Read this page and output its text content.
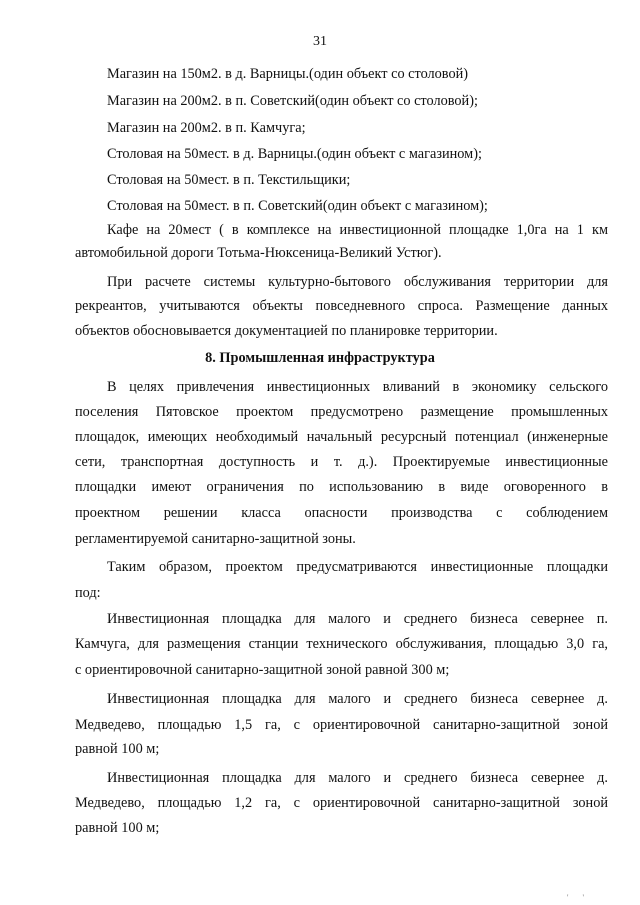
31
Магазин на 150м2. в д. Варницы.(один объект со столовой)
Магазин на 200м2. в п. Советский(один объект со столовой);
Магазин на 200м2. в п. Камчуга;
Столовая на 50мест. в д. Варницы.(один объект с магазином);
Столовая на 50мест. в п. Текстильщики;
Столовая на 50мест. в п. Советский(один объект с магазином);
Кафе на 20мест ( в комплексе на инвестиционной площадке 1,0га на 1 км
автомобильной дороги Тотьма-Нюксеница-Великий Устюг).
При расчете системы культурно-бытового обслуживания территории для
рекреантов, учитываются объекты повседневного спроса. Размещение данных
объектов обосновывается документацией по планировке территории.
8. Промышленная инфраструктура
В целях привлечения инвестиционных вливаний в экономику сельского
поселения Пятовское проектом предусмотрено размещение промышленных
площадок, имеющих необходимый начальный ресурсный потенциал (инженерные
сети, транспортная доступность и т. д.). Проектируемые инвестиционные
площадки имеют ограничения по использованию в виде оговоренного в
проектном решении класса опасности производства с соблюдением
регламентируемой санитарно-защитной зоны.
Таким образом, проектом предусматриваются инвестиционные площадки
под:
Инвестиционная площадка для малого и среднего бизнеса севернее п.
Камчуга, для размещения станции технического обслуживания, площадью 3,0 га,
с ориентировочной санитарно-защитной зоной равной 300 м;
Инвестиционная площадка для малого и среднего бизнеса севернее д.
Медведево, площадью 1,5 га, с ориентировочной санитарно-защитной зоной
равной 100 м;
Инвестиционная площадка для малого и среднего бизнеса севернее д.
Медведево, площадью 1,2 га, с ориентировочной санитарно-защитной зоной
равной 100 м;
' '
